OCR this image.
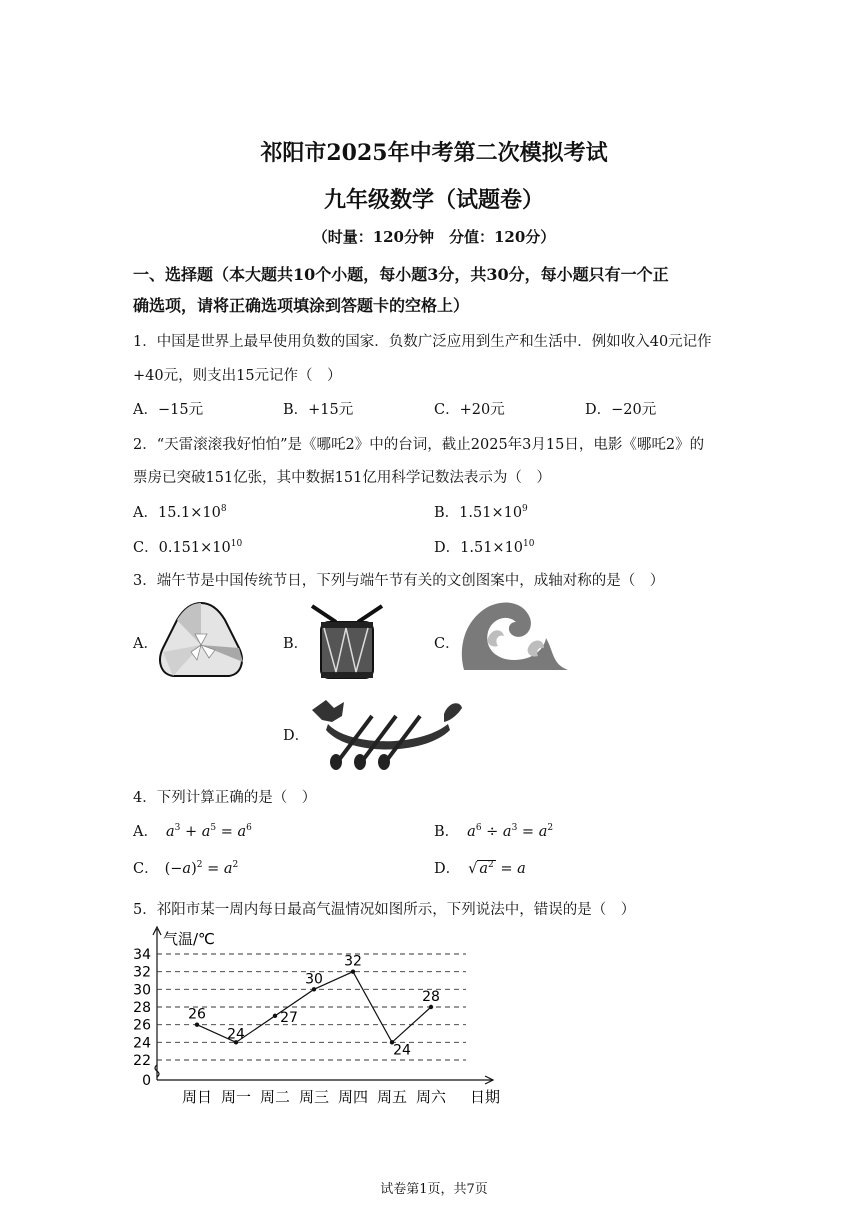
祁阳市2025年中考第二次模拟考试
九年级数学（试题卷）
（时量：120分钟　分值：120分）
一、选择题（本大题共10个小题，每小题3分，共30分，每小题只有一个正
确选项，请将正确选项填涂到答题卡的空格上）
1．中国是世界上最早使用负数的国家．负数广泛应用到生产和生活中．例如收入40元记作
+40元，则支出15元记作（　）
A．−15元	B．+15元	C．+20元	D．−20元
2．“天雷滚滚我好怕怕”是《哪吒2》中的台词，截止2025年3月15日，电影《哪吒2》的
票房已突破151亿张，其中数据151亿用科学记数法表示为（　）
A．$15.1\times 10^8$	B．$1.51\times 10^9$
C．$0.151\times 10^{10}$	D．$1.51\times 10^{10}$
3．端午节是中国传统节日，下列与端午节有关的文创图案中，成轴对称的是（　）
A．	B．	C．
D．
4．下列计算正确的是（　）
A． $a^3 + a^5 = a^6$	B． $a^6 \div a^3 = a^2$
C． $(-a)^2 = a^2$	D． √ $a^2 = a$
5．祁阳市某一周内每日最高气温情况如图所示，下列说法中，错误的是（　）
0
22
24
26
28
30
32
34
气温/℃
日期
周日 周一 周二 周三 周四 周五 周六
26
24
27
30
32
24
28
试卷第1页，共7页
